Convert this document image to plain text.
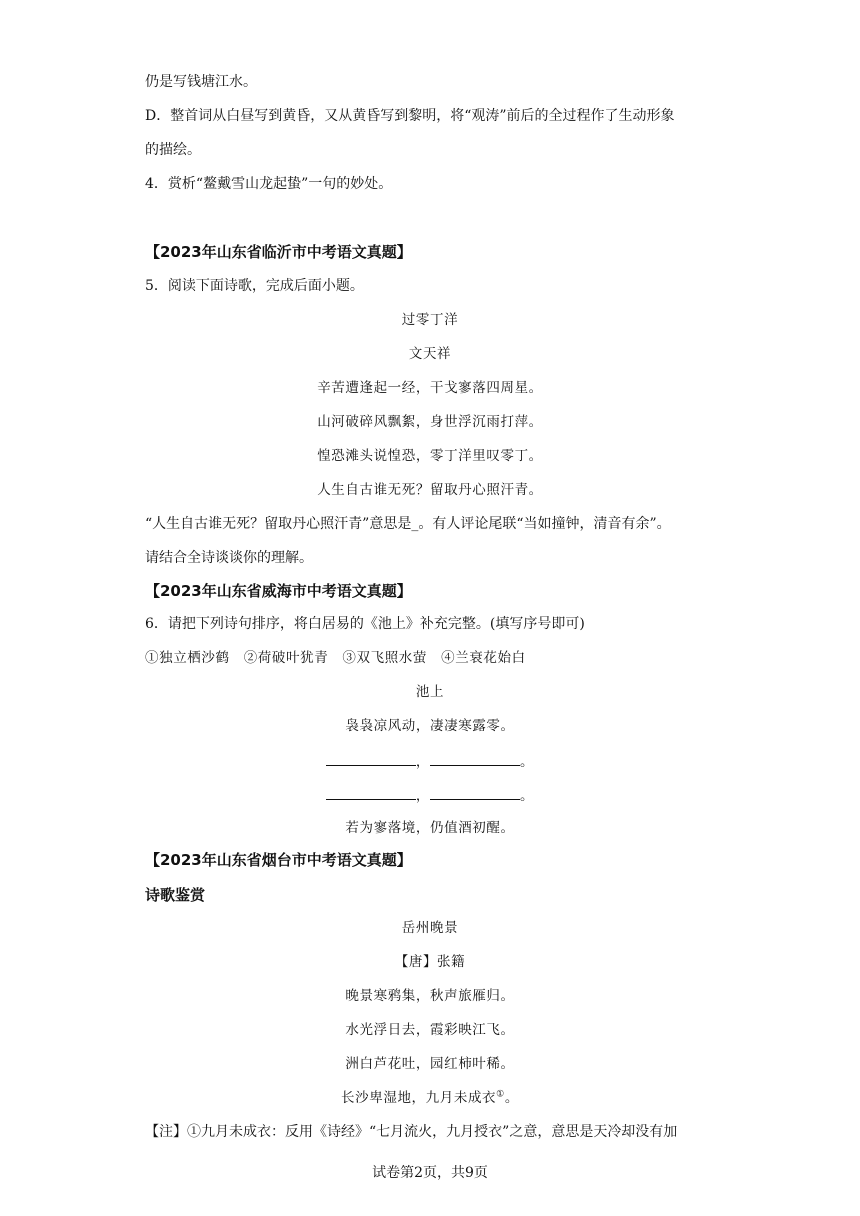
仍是写钱塘江水。
D．整首词从白昼写到黄昏，又从黄昏写到黎明，将“观涛”前后的全过程作了生动形象
的描绘。
4．赏析“鳌戴雪山龙起蛰”一句的妙处。
【2023年山东省临沂市中考语文真题】
5．阅读下面诗歌，完成后面小题。
过零丁洋
文天祥
辛苦遭逢起一经，干戈寥落四周星。
山河破碎风飘絮，身世浮沉雨打萍。
惶恐滩头说惶恐，零丁洋里叹零丁。
人生自古谁无死？留取丹心照汗青。
“人生自古谁无死？留取丹心照汗青”意思是_。有人评论尾联“当如撞钟，清音有余”。
请结合全诗谈谈你的理解。
【2023年山东省威海市中考语文真题】
6．请把下列诗句排序，将白居易的《池上》补充完整。(填写序号即可)
①独立栖沙鹤　②荷破叶犹青　③双飞照水萤　④兰衰花始白
池上
袅袅凉风动，凄凄寒露零。
，	。
，	。
若为寥落境，仍值酒初醒。
【2023年山东省烟台市中考语文真题】
诗歌鉴赏
岳州晚景
【唐】张籍
晚景寒鸦集，秋声旅雁归。
水光浮日去，霞彩映江飞。
洲白芦花吐，园红柿叶稀。
长沙卑湿地，九月未成衣①。
【注】①九月未成衣：反用《诗经》“七月流火，九月授衣”之意，意思是天冷却没有加
试卷第2页，共9页
